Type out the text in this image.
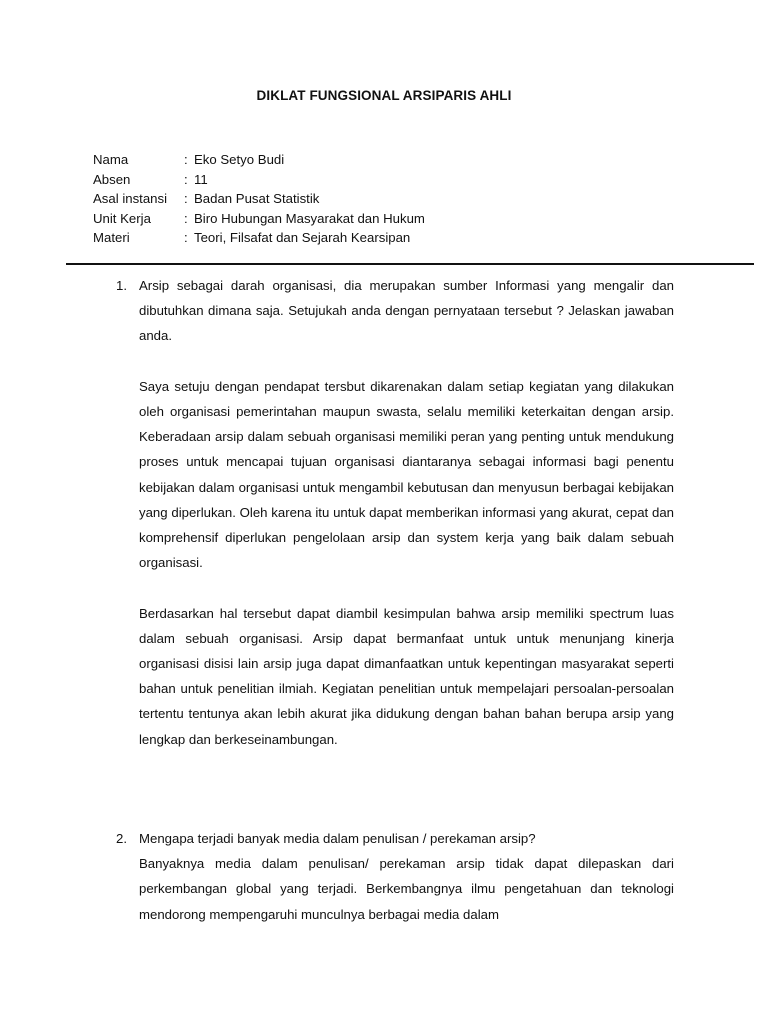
DIKLAT FUNGSIONAL ARSIPARIS AHLI
Nama	: Eko Setyo Budi
Absen	: 11
Asal instansi	: Badan Pusat Statistik
Unit Kerja	: Biro Hubungan Masyarakat dan Hukum
Materi	: Teori, Filsafat dan Sejarah Kearsipan
1. Arsip sebagai darah organisasi, dia merupakan sumber Informasi yang mengalir dan dibutuhkan dimana saja. Setujukah anda dengan pernyataan tersebut ? Jelaskan jawaban anda.

Saya setuju dengan pendapat tersbut dikarenakan dalam setiap kegiatan yang dilakukan oleh organisasi pemerintahan maupun swasta, selalu memiliki keterkaitan dengan arsip. Keberadaan arsip dalam sebuah organisasi memiliki peran yang penting untuk mendukung proses untuk mencapai tujuan organisasi diantaranya sebagai informasi bagi penentu kebijakan dalam organisasi untuk mengambil kebutusan dan menyusun berbagai kebijakan yang diperlukan. Oleh karena itu untuk dapat memberikan informasi yang akurat, cepat dan komprehensif diperlukan pengelolaan arsip dan system kerja yang baik dalam sebuah organisasi.

Berdasarkan hal tersebut dapat diambil kesimpulan bahwa arsip memiliki spectrum luas dalam sebuah organisasi. Arsip dapat bermanfaat untuk untuk menunjang kinerja organisasi disisi lain arsip juga dapat dimanfaatkan untuk kepentingan masyarakat seperti bahan untuk penelitian ilmiah. Kegiatan penelitian untuk mempelajari persoalan-persoalan tertentu tentunya akan lebih akurat jika didukung dengan bahan bahan berupa arsip yang lengkap dan berkeseinambungan.

2. Mengapa terjadi banyak media dalam penulisan / perekaman arsip?

Banyaknya media dalam penulisan/ perekaman arsip tidak dapat dilepaskan dari perkembangan global yang terjadi. Berkembangnya ilmu pengetahuan dan teknologi mendorong mempengaruhi munculnya berbagai media dalam
